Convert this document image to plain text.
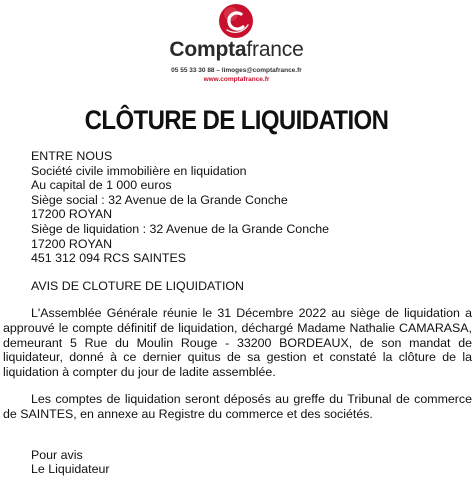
Comptafrance
05 55 33 30 88 – limoges@comptafrance.fr
www.comptafrance.fr
CLÔTURE DE LIQUIDATION

ENTRE NOUS

Société civile immobilière en liquidation

Au capital de 1 000 euros

Siège social : 32 Avenue de la Grande Conche

17200 ROYAN

Siège de liquidation : 32 Avenue de la Grande Conche

17200 ROYAN

451 312 094 RCS SAINTES

AVIS DE CLOTURE DE LIQUIDATION

L'Assemblée Générale réunie le 31 Décembre 2022 au siège de liquidation a approuvé le compte définitif de liquidation, déchargé Madame Nathalie CAMARASA, demeurant 5 Rue du Moulin Rouge - 33200 BORDEAUX, de son mandat de liquidateur, donné à ce dernier quitus de sa gestion et constaté la clôture de la liquidation à compter du jour de ladite assemblée.

Les comptes de liquidation seront déposés au greffe du Tribunal de commerce de SAINTES, en annexe au Registre du commerce et des sociétés.

Pour avis

Le Liquidateur
